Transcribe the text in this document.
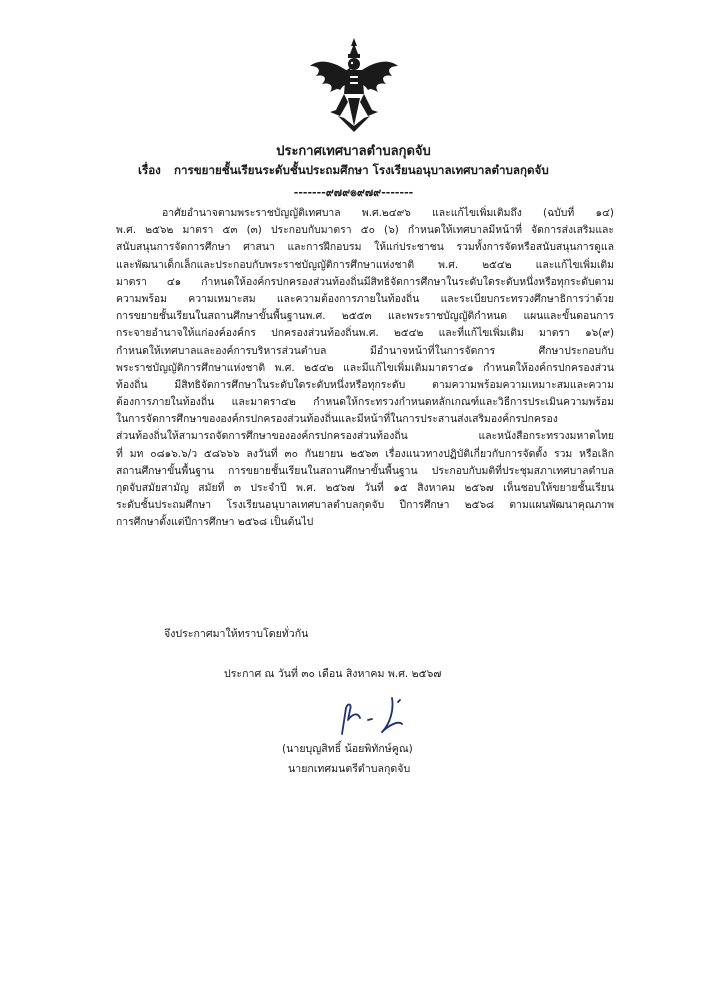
ประกาศเทศบาลตำบลกุดจับ
เรื่อง การขยายชั้นเรียนระดับชั้นประถมศึกษา โรงเรียนอนุบาลเทศบาลตำบลกุดจับ
-------๙๗๙๏๙๗๙-------
อาศัยอำนาจตามพระราชบัญญัติเทศบาล พ.ศ.๒๔๙๖ และแก้ไขเพิ่มเติมถึง (ฉบับที่ ๑๔)
พ.ศ. ๒๕๖๒ มาตรา ๕๓ (๓) ประกอบกับมาตรา ๕๐ (๖) กำหนดให้เทศบาลมีหน้าที่ จัดการส่งเสริมและ
สนับสนุนการจัดการศึกษา ศาสนา และการฝึกอบรม ให้แก่ประชาชน รวมทั้งการจัดหรือสนับสนุนการดูแล
และพัฒนาเด็กเล็กและประกอบกับพระราชบัญญัติการศึกษาแห่งชาติ พ.ศ. ๒๕๔๒ และแก้ไขเพิ่มเติม
มาตรา ๔๑ กำหนดให้องค์กรปกครองส่วนท้องถิ่นมีสิทธิจัดการศึกษาในระดับใดระดับหนึ่งหรือทุกระดับตาม
ความพร้อม ความเหมาะสม และความต้องการภายในท้องถิ่น และระเบียบกระทรวงศึกษาธิการว่าด้วย
การขยายชั้นเรียนในสถานศึกษาขั้นพื้นฐานพ.ศ. ๒๕๕๓ และพระราชบัญญัติกำหนด แผนและขั้นตอนการ
กระจายอำนาจให้แก่องค์องค์กร ปกครองส่วนท้องถิ่นพ.ศ. ๒๕๔๒ และที่แก้ไขเพิ่มเติม มาตรา ๑๖(๙)
กำหนดให้เทศบาลและองค์การบริหารส่วนตำบล มีอำนาจหน้าที่ในการจัดการ ศึกษาประกอบกับ
พระราชบัญญัติการศึกษาแห่งชาติ พ.ศ. ๒๕๔๒ และมีแก้ไขเพิ่มเติมมาตรา๔๑ กำหนดให้องค์กรปกครองส่วน
ท้องถิ่น มีสิทธิจัดการศึกษาในระดับใดระดับหนึ่งหรือทุกระดับ ตามความพร้อมความเหมาะสมและความ
ต้องการภายในท้องถิ่น และมาตรา๔๒ กำหนดให้กระทรวงกำหนดหลักเกณฑ์และวิธีการประเมินความพร้อม
ในการจัดการศึกษาขององค์กรปกครองส่วนท้องถิ่นและมีหน้าที่ในการประสานส่งเสริมองค์กรปกครอง
ส่วนท้องถิ่นให้สามารถจัดการศึกษาขององค์กรปกครองส่วนท้องถิ่น และหนังสือกระทรวงมหาดไทย
ที่ มท ๐๘๑๖.๖/ว ๕๘๖๖๖ ลงวันที่ ๓๐ กันยายน ๒๕๖๓ เรื่องแนวทางปฏิบัติเกี่ยวกับการจัดตั้ง รวม หรือเลิก
สถานศึกษาขั้นพื้นฐาน การขยายชั้นเรียนในสถานศึกษาขั้นพื้นฐาน ประกอบกับมติที่ประชุมสภาเทศบาลตำบล
กุดจับสมัยสามัญ สมัยที่ ๓ ประจำปี พ.ศ. ๒๕๖๗ วันที่ ๑๕ สิงหาคม ๒๕๖๗ เห็นชอบให้ขยายชั้นเรียน
ระดับชั้นประถมศึกษา โรงเรียนอนุบาลเทศบาลตำบลกุดจับ ปีการศึกษา ๒๕๖๘ ตามแผนพัฒนาคุณภาพ
การศึกษาตั้งแต่ปีการศึกษา ๒๕๖๘ เป็นต้นไป
จึงประกาศมาให้ทราบโดยทั่วกัน
ประกาศ ณ วันที่ ๓๐ เดือน สิงหาคม พ.ศ. ๒๕๖๗
(นายบุญสิทธิ์ น้อยพิทักษ์คูณ)
นายกเทศมนตรีตำบลกุดจับ
